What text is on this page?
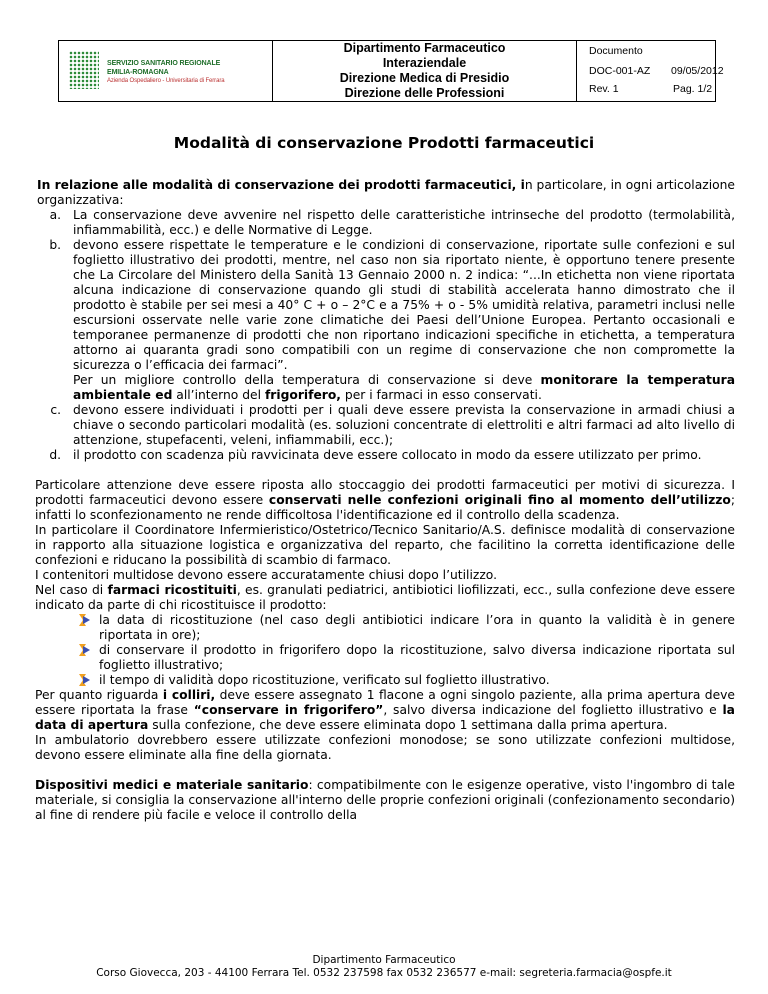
SERVIZIO SANITARIO REGIONALE
EMILIA-ROMAGNA
Azienda Ospedaliero - Universitaria di Ferrara
Dipartimento Farmaceutico
Interaziendale
Direzione Medica di Presidio
Direzione delle Professioni
Documento
DOC-001-AZ 09/05/2012
Rev. 1	Pag. 1/2
Modalità di conservazione Prodotti farmaceutici

In relazione alle modalità di conservazione dei prodotti farmaceutici, in particolare, in ogni articolazione organizzativa:

a. La conservazione deve avvenire nel rispetto delle caratteristiche intrinseche del prodotto (termolabilità, infiammabilità, ecc.) e delle Normative di Legge.
b. devono essere rispettate le temperature e le condizioni di conservazione, riportate sulle confezioni e sul foglietto illustrativo dei prodotti, mentre, nel caso non sia riportato niente, è opportuno tenere presente che La Circolare del Ministero della Sanità 13 Gennaio 2000 n. 2 indica: “...In etichetta non viene riportata alcuna indicazione di conservazione quando gli studi di stabilità accelerata hanno dimostrato che il prodotto è stabile per sei mesi a 40° C + o – 2°C e a 75% + o - 5% umidità relativa, parametri inclusi nelle escursioni osservate nelle varie zone climatiche dei Paesi dell’Unione Europea. Pertanto occasionali e temporanee permanenze di prodotti che non riportano indicazioni specifiche in etichetta, a temperatura attorno ai quaranta gradi sono compatibili con un regime di conservazione che non compromette la sicurezza o l’efficacia dei farmaci”.
Per un migliore controllo della temperatura di conservazione si deve monitorare la temperatura ambientale ed all’interno del frigorifero, per i farmaci in esso conservati.
c. devono essere individuati i prodotti per i quali deve essere prevista la conservazione in armadi chiusi a chiave o secondo particolari modalità (es. soluzioni concentrate di elettroliti e altri farmaci ad alto livello di attenzione, stupefacenti, veleni, infiammabili, ecc.);
d. il prodotto con scadenza più ravvicinata deve essere collocato in modo da essere utilizzato per primo.

Particolare attenzione deve essere riposta allo stoccaggio dei prodotti farmaceutici per motivi di sicurezza. I prodotti farmaceutici devono essere conservati nelle confezioni originali fino al momento dell’utilizzo; infatti lo sconfezionamento ne rende difficoltosa l'identificazione ed il controllo della scadenza.

In particolare il Coordinatore Infermieristico/Ostetrico/Tecnico Sanitario/A.S. definisce modalità di conservazione in rapporto alla situazione logistica e organizzativa del reparto, che facilitino la corretta identificazione delle confezioni e riducano la possibilità di scambio di farmaco.

I contenitori multidose devono essere accuratamente chiusi dopo l’utilizzo.

Nel caso di farmaci ricostituiti, es. granulati pediatrici, antibiotici liofilizzati, ecc., sulla confezione deve essere indicato da parte di chi ricostituisce il prodotto:

la data di ricostituzione (nel caso degli antibiotici indicare l’ora in quanto la validità è in genere riportata in ore);
di conservare il prodotto in frigorifero dopo la ricostituzione, salvo diversa indicazione riportata sul foglietto illustrativo;
il tempo di validità dopo ricostituzione, verificato sul foglietto illustrativo.

Per quanto riguarda i colliri, deve essere assegnato 1 flacone a ogni singolo paziente, alla prima apertura deve essere riportata la frase “conservare in frigorifero”, salvo diversa indicazione del foglietto illustrativo e la data di apertura sulla confezione, che deve essere eliminata dopo 1 settimana dalla prima apertura.

In ambulatorio dovrebbero essere utilizzate confezioni monodose; se sono utilizzate confezioni multidose, devono essere eliminate alla fine della giornata.

Dispositivi medici e materiale sanitario: compatibilmente con le esigenze operative, visto l'ingombro di tale materiale, si consiglia la conservazione all'interno delle proprie confezioni originali (confezionamento secondario) al fine di rendere più facile e veloce il controllo della

Dipartimento Farmaceutico
Corso Giovecca, 203 - 44100 Ferrara Tel. 0532 237598 fax 0532 236577 e-mail: segreteria.farmacia@ospfe.it
